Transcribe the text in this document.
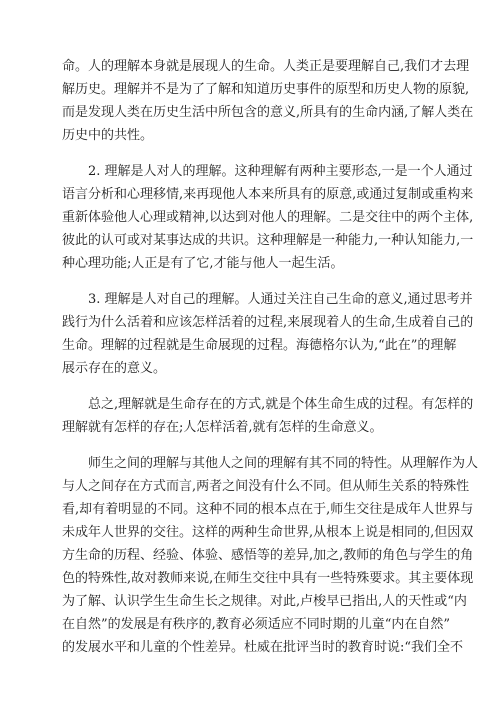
命。人的理解本身就是展现人的生命。人类正是要理解自己,我们才去理
解历史。理解并不是为了了解和知道历史事件的原型和历史人物的原貌,
而是发现人类在历史生活中所包含的意义,所具有的生命内涵,了解人类在
历史中的共性。

2. 理解是人对人的理解。这种理解有两种主要形态,一是一个人通过
语言分析和心理移情,来再现他人本来所具有的原意,或通过复制或重构来
重新体验他人心理或精神,以达到对他人的理解。二是交往中的两个主体,
彼此的认可或对某事达成的共识。这种理解是一种能力,一种认知能力,一
种心理功能;人正是有了它,才能与他人一起生活。

3. 理解是人对自己的理解。人通过关注自己生命的意义,通过思考并
践行为什么活着和应该怎样活着的过程,来展现着人的生命,生成着自己的
生命。理解的过程就是生命展现的过程。海德格尔认为,“此在”的理解
展示存在的意义。

总之,理解就是生命存在的方式,就是个体生命生成的过程。有怎样的
理解就有怎样的存在;人怎样活着,就有怎样的生命意义。

师生之间的理解与其他人之间的理解有其不同的特性。从理解作为人
与人之间存在方式而言,两者之间没有什么不同。但从师生关系的特殊性
看,却有着明显的不同。这种不同的根本点在于,师生交往是成年人世界与
未成年人世界的交往。这样的两种生命世界,从根本上说是相同的,但因双
方生命的历程、经验、体验、感悟等的差异,加之,教师的角色与学生的角
色的特殊性,故对教师来说,在师生交往中具有一些特殊要求。其主要体现
为了解、认识学生生命生长之规律。对此,卢梭早已指出,人的天性或“内
在自然”的发展是有秩序的,教育必须适应不同时期的儿童“内在自然”
的发展水平和儿童的个性差异。杜威在批评当时的教育时说:“我们全不
